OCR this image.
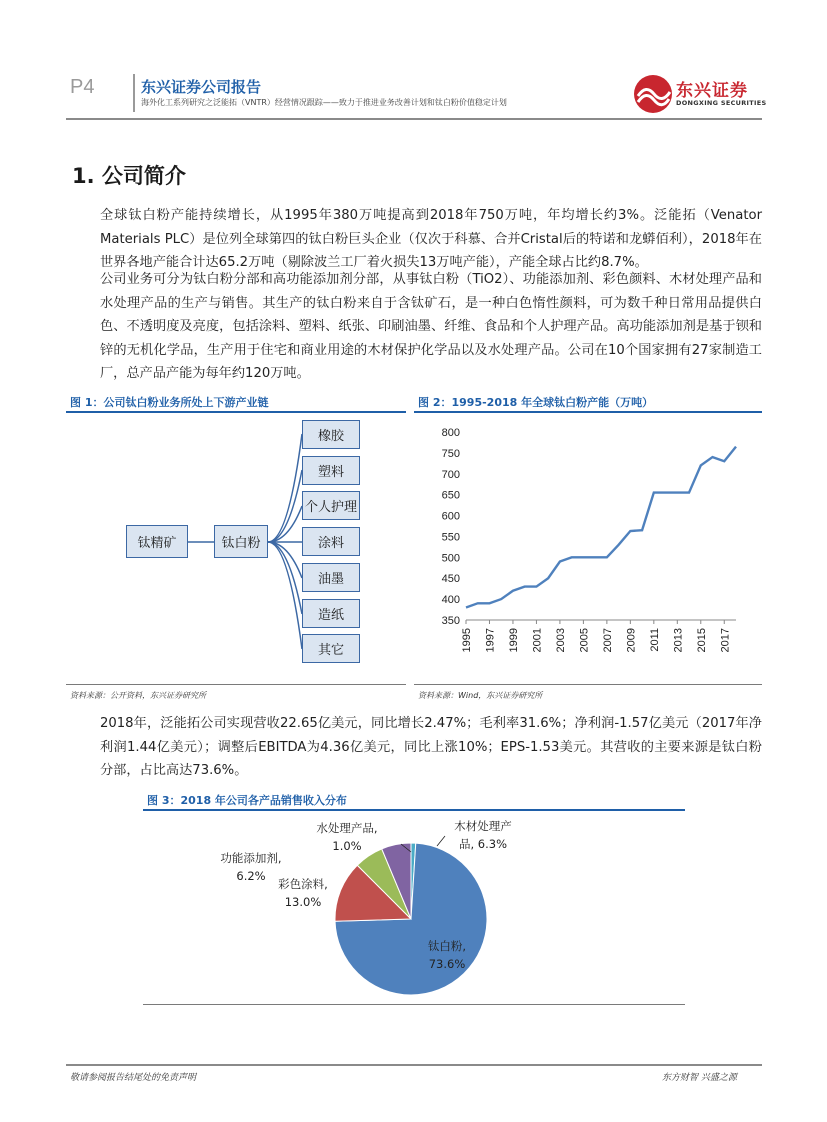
P4	东兴证券公司报告
海外化工系列研究之泛能拓（VNTR）经营情况跟踪——致力于推进业务改善计划和钛白粉价值稳定计划
东兴证券
DONGXING SECURITIES
1. 公司简介
全球钛白粉产能持续增长，从1995年380万吨提高到2018年750万吨，年均增长约3%。泛能拓（Venator Materials PLC）是位列全球第四的钛白粉巨头企业（仅次于科慕、合并Cristal后的特诺和龙蟒佰利），2018年在世界各地产能合计达65.2万吨（剔除波兰工厂着火损失13万吨产能），产能全球占比约8.7%。
公司业务可分为钛白粉分部和高功能添加剂分部，从事钛白粉（TiO2）、功能添加剂、彩色颜料、木材处理产品和水处理产品的生产与销售。其生产的钛白粉来自于含钛矿石，是一种白色惰性颜料，可为数千种日常用品提供白色、不透明度及亮度，包括涂料、塑料、纸张、印刷油墨、纤维、食品和个人护理产品。高功能添加剂是基于钡和锌的无机化学品，生产用于住宅和商业用途的木材保护化学品以及水处理产品。公司在10个国家拥有27家制造工厂，总产品产能为每年约120万吨。
图 1：公司钛白粉业务所处上下游产业链
钛精矿	钛白粉
橡胶
塑料
个人护理
涂料
油墨
造纸
其它
资料来源：公开资料，东兴证券研究所
图 2：1995-2018 年全球钛白粉产能（万吨）
350
400
450
500
550
600
650
700
750
800
1995 1997 1999 2001 2003 2005 2007 2009 2011 2013 2015 2017
资料来源：Wind，东兴证券研究所
2018年，泛能拓公司实现营收22.65亿美元，同比增长2.47%；毛利率31.6%；净利润-1.57亿美元（2017年净利润1.44亿美元）；调整后EBITDA为4.36亿美元，同比上涨10%；EPS-1.53美元。其营收的主要来源是钛白粉分部，占比高达73.6%。
图 3：2018 年公司各产品销售收入分布
钛白粉,
73.6%
彩色涂料,
13.0%
功能添加剂,
6.2%
水处理产品,
1.0%
木材处理产
品, 6.3%
敬请参阅报告结尾处的免责声明	东方财智 兴盛之源
